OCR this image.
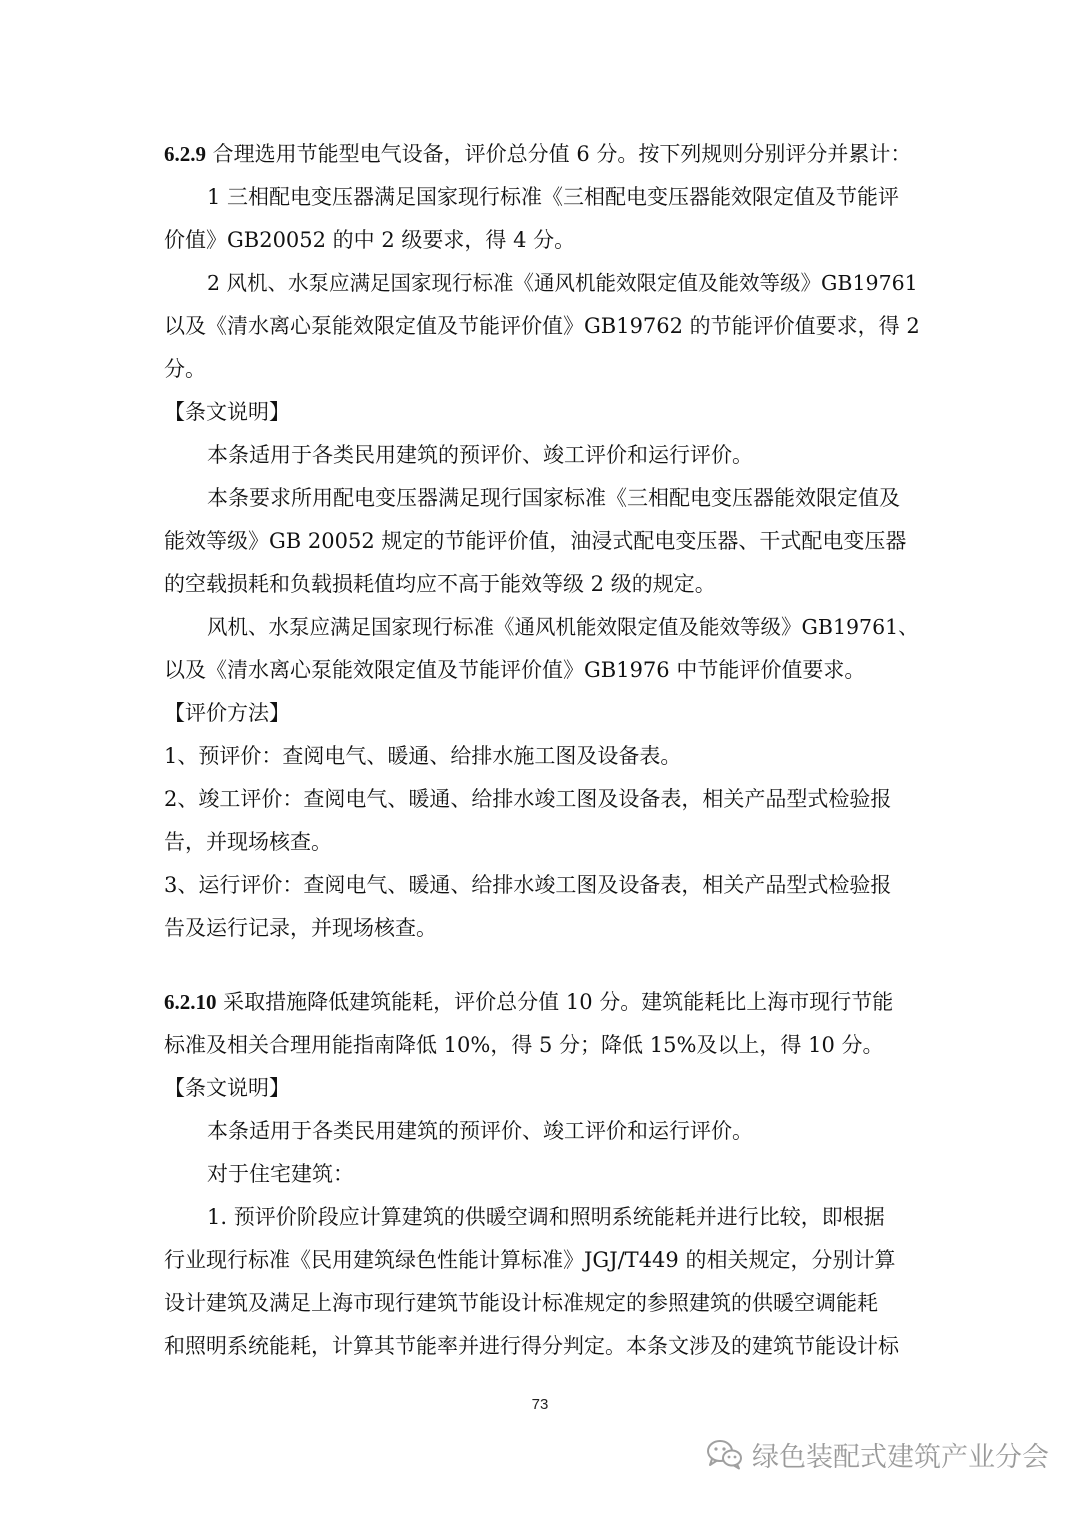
6.2.9 合理选用节能型电气设备，评价总分值 6 分。按下列规则分别评分并累计：
1 三相配电变压器满足国家现行标准《三相配电变压器能效限定值及节能评
价值》GB20052 的中 2 级要求，得 4 分。
2 风机、水泵应满足国家现行标准《通风机能效限定值及能效等级》GB19761
以及《清水离心泵能效限定值及节能评价值》GB19762 的节能评价值要求，得 2
分。
【条文说明】
本条适用于各类民用建筑的预评价、竣工评价和运行评价。
本条要求所用配电变压器满足现行国家标准《三相配电变压器能效限定值及
能效等级》GB 20052 规定的节能评价值，油浸式配电变压器、干式配电变压器
的空载损耗和负载损耗值均应不高于能效等级 2 级的规定。
风机、水泵应满足国家现行标准《通风机能效限定值及能效等级》GB19761、
以及《清水离心泵能效限定值及节能评价值》GB1976 中节能评价值要求。
【评价方法】
1、预评价：查阅电气、暖通、给排水施工图及设备表。
2、竣工评价：查阅电气、暖通、给排水竣工图及设备表，相关产品型式检验报
告，并现场核查。
3、运行评价：查阅电气、暖通、给排水竣工图及设备表，相关产品型式检验报
告及运行记录，并现场核查。
6.2.10 采取措施降低建筑能耗，评价总分值 10 分。建筑能耗比上海市现行节能
标准及相关合理用能指南降低 10%，得 5 分；降低 15%及以上，得 10 分。
【条文说明】
本条适用于各类民用建筑的预评价、竣工评价和运行评价。
对于住宅建筑：
1. 预评价阶段应计算建筑的供暖空调和照明系统能耗并进行比较，即根据
行业现行标准《民用建筑绿色性能计算标准》JGJ/T449 的相关规定，分别计算
设计建筑及满足上海市现行建筑节能设计标准规定的参照建筑的供暖空调能耗
和照明系统能耗，计算其节能率并进行得分判定。本条文涉及的建筑节能设计标
73
绿色装配式建筑产业分会
